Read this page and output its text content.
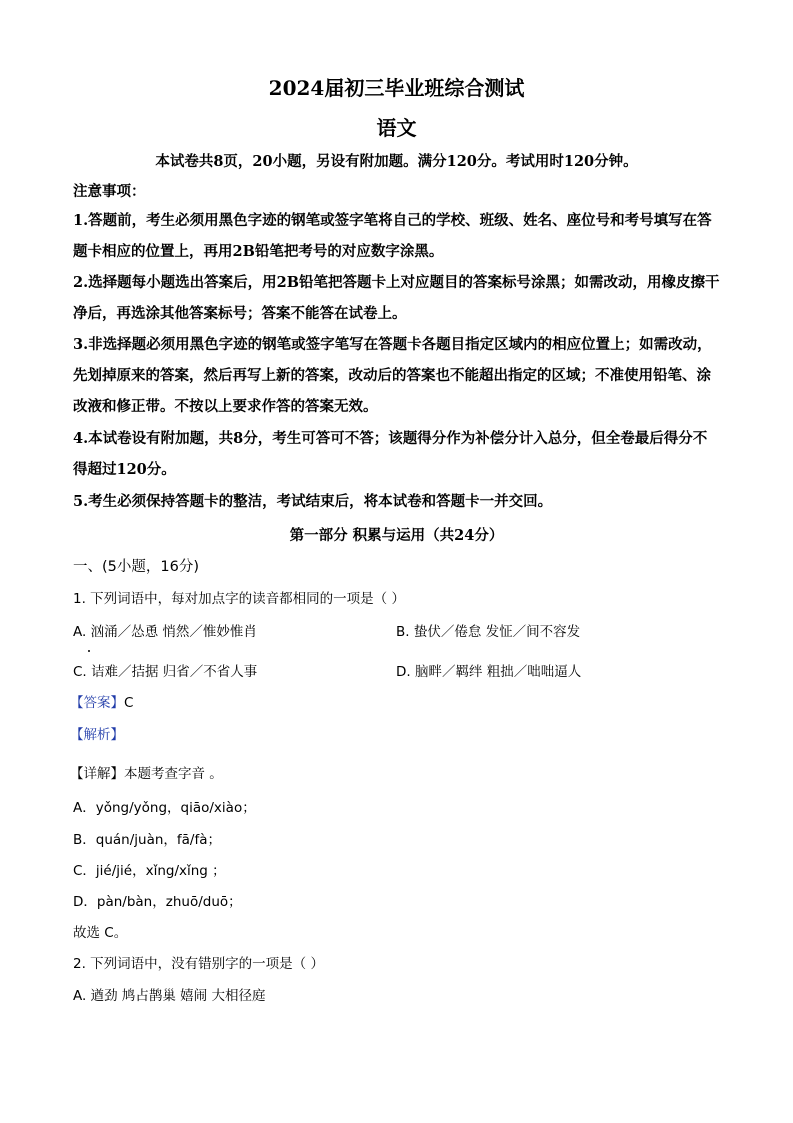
2024届初三毕业班综合测试
语文
本试卷共8页，20小题，另设有附加题。满分120分。考试用时120分钟。
注意事项：
1.答题前，考生必须用黑色字迹的钢笔或签字笔将自己的学校、班级、姓名、座位号和考号填写在答题卡相应的位置上，再用2B铅笔把考号的对应数字涂黑。
2.选择题每小题选出答案后，用2B铅笔把答题卡上对应题目的答案标号涂黑；如需改动，用橡皮擦干净后，再选涂其他答案标号；答案不能答在试卷上。
3.非选择题必须用黑色字迹的钢笔或签字笔写在答题卡各题目指定区域内的相应位置上；如需改动，先划掉原来的答案，然后再写上新的答案，改动后的答案也不能超出指定的区域；不准使用铅笔、涂改液和修正带。不按以上要求作答的答案无效。
4.本试卷设有附加题，共8分，考生可答可不答；该题得分作为补偿分计入总分，但全卷最后得分不得超过120分。
5.考生必须保持答题卡的整洁，考试结束后，将本试卷和答题卡一并交回。
第一部分 积累与运用（共24分）
一、(5小题，16分)
1. 下列词语中，每对加点字的读音都相同的一项是（ ）
A. 汹涌／怂恿 悄然／惟妙惟肖	B. 蛰伏／倦怠 发怔／间不容发
C. 诘难／拮据 归省／不省人事	D. 脑畔／羁绊 粗拙／咄咄逼人
【答案】C
【解析】
【详解】本题考查字音 。
A．yǒng/yǒng，qiāo/xiào；
B．quán/juàn，fā/fà；
C．jié/jié，xǐng/xǐng ；
D．pàn/bàn，zhuō/duō；
故选 C。
2. 下列词语中，没有错别字的一项是（ ）
A. 遒劲 鸠占鹊巢 嬉闹 大相径庭
